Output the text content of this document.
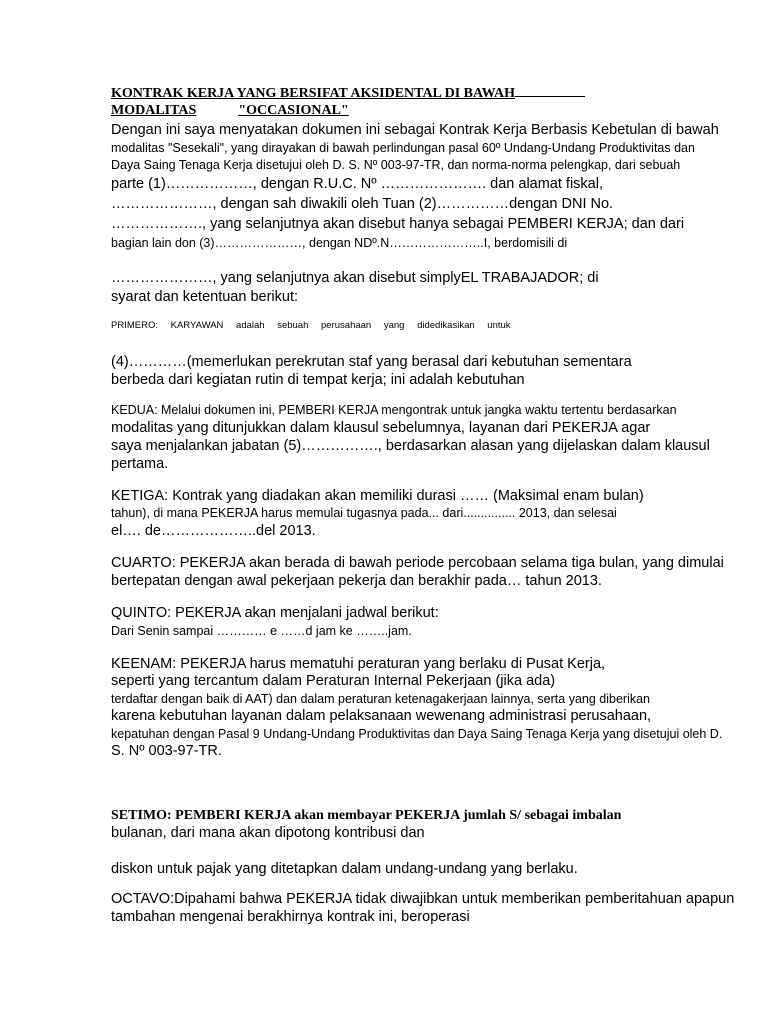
KONTRAK KERJA YANG BERSIFAT AKSIDENTAL DI BAWAH
MODALITAS	"OCCASIONAL"
Dengan ini saya menyatakan dokumen ini sebagai Kontrak Kerja Berbasis Kebetulan di bawah
modalitas "Sesekali", yang dirayakan di bawah perlindungan pasal 60º Undang-Undang Produktivitas dan
Daya Saing Tenaga Kerja disetujui oleh D. S. Nº 003-97-TR, dan norma-norma pelengkap, dari sebuah
parte (1)………………, dengan R.U.C. Nº …………………. dan alamat fiskal,
…………………, dengan sah diwakili oleh Tuan (2)……………dengan DNI No.
………………., yang selanjutnya akan disebut hanya sebagai PEMBERI KERJA; dan dari
bagian lain don (3)…………………, dengan NDº.N…………………..I, berdomisili di
…………………, yang selanjutnya akan disebut simplyEL TRABAJADOR; di
syarat dan ketentuan berikut:
PRIMERO: KARYAWAN adalah sebuah perusahaan yang didedikasikan untuk
(4)…………(memerlukan perekrutan staf yang berasal dari kebutuhan sementara
berbeda dari kegiatan rutin di tempat kerja; ini adalah kebutuhan
KEDUA: Melalui dokumen ini, PEMBERI KERJA mengontrak untuk jangka waktu tertentu berdasarkan
modalitas yang ditunjukkan dalam klausul sebelumnya, layanan dari PEKERJA agar
saya menjalankan jabatan (5)……………., berdasarkan alasan yang dijelaskan dalam klausul
pertama.
KETIGA: Kontrak yang diadakan akan memiliki durasi …… (Maksimal enam bulan)
tahun), di mana PEKERJA harus memulai tugasnya pada... dari............... 2013, dan selesai
el…. de………………..del 2013.
CUARTO: PEKERJA akan berada di bawah periode percobaan selama tiga bulan, yang dimulai
bertepatan dengan awal pekerjaan pekerja dan berakhir pada… tahun 2013.
QUINTO: PEKERJA akan menjalani jadwal berikut:
Dari Senin sampai ………… e ……d jam ke ……..jam.
KEENAM: PEKERJA harus mematuhi peraturan yang berlaku di Pusat Kerja,
seperti yang tercantum dalam Peraturan Internal Pekerjaan (jika ada)
terdaftar dengan baik di AAT) dan dalam peraturan ketenagakerjaan lainnya, serta yang diberikan
karena kebutuhan layanan dalam pelaksanaan wewenang administrasi perusahaan,
kepatuhan dengan Pasal 9 Undang-Undang Produktivitas dan Daya Saing Tenaga Kerja yang disetujui oleh D.
S. Nº 003-97-TR.
SETIMO: PEMBERI KERJA akan membayar PEKERJA jumlah S/ sebagai imbalan
bulanan, dari mana akan dipotong kontribusi dan
diskon untuk pajak yang ditetapkan dalam undang-undang yang berlaku.
OCTAVO:Dipahami bahwa PEKERJA tidak diwajibkan untuk memberikan pemberitahuan apapun
tambahan mengenai berakhirnya kontrak ini, beroperasi
